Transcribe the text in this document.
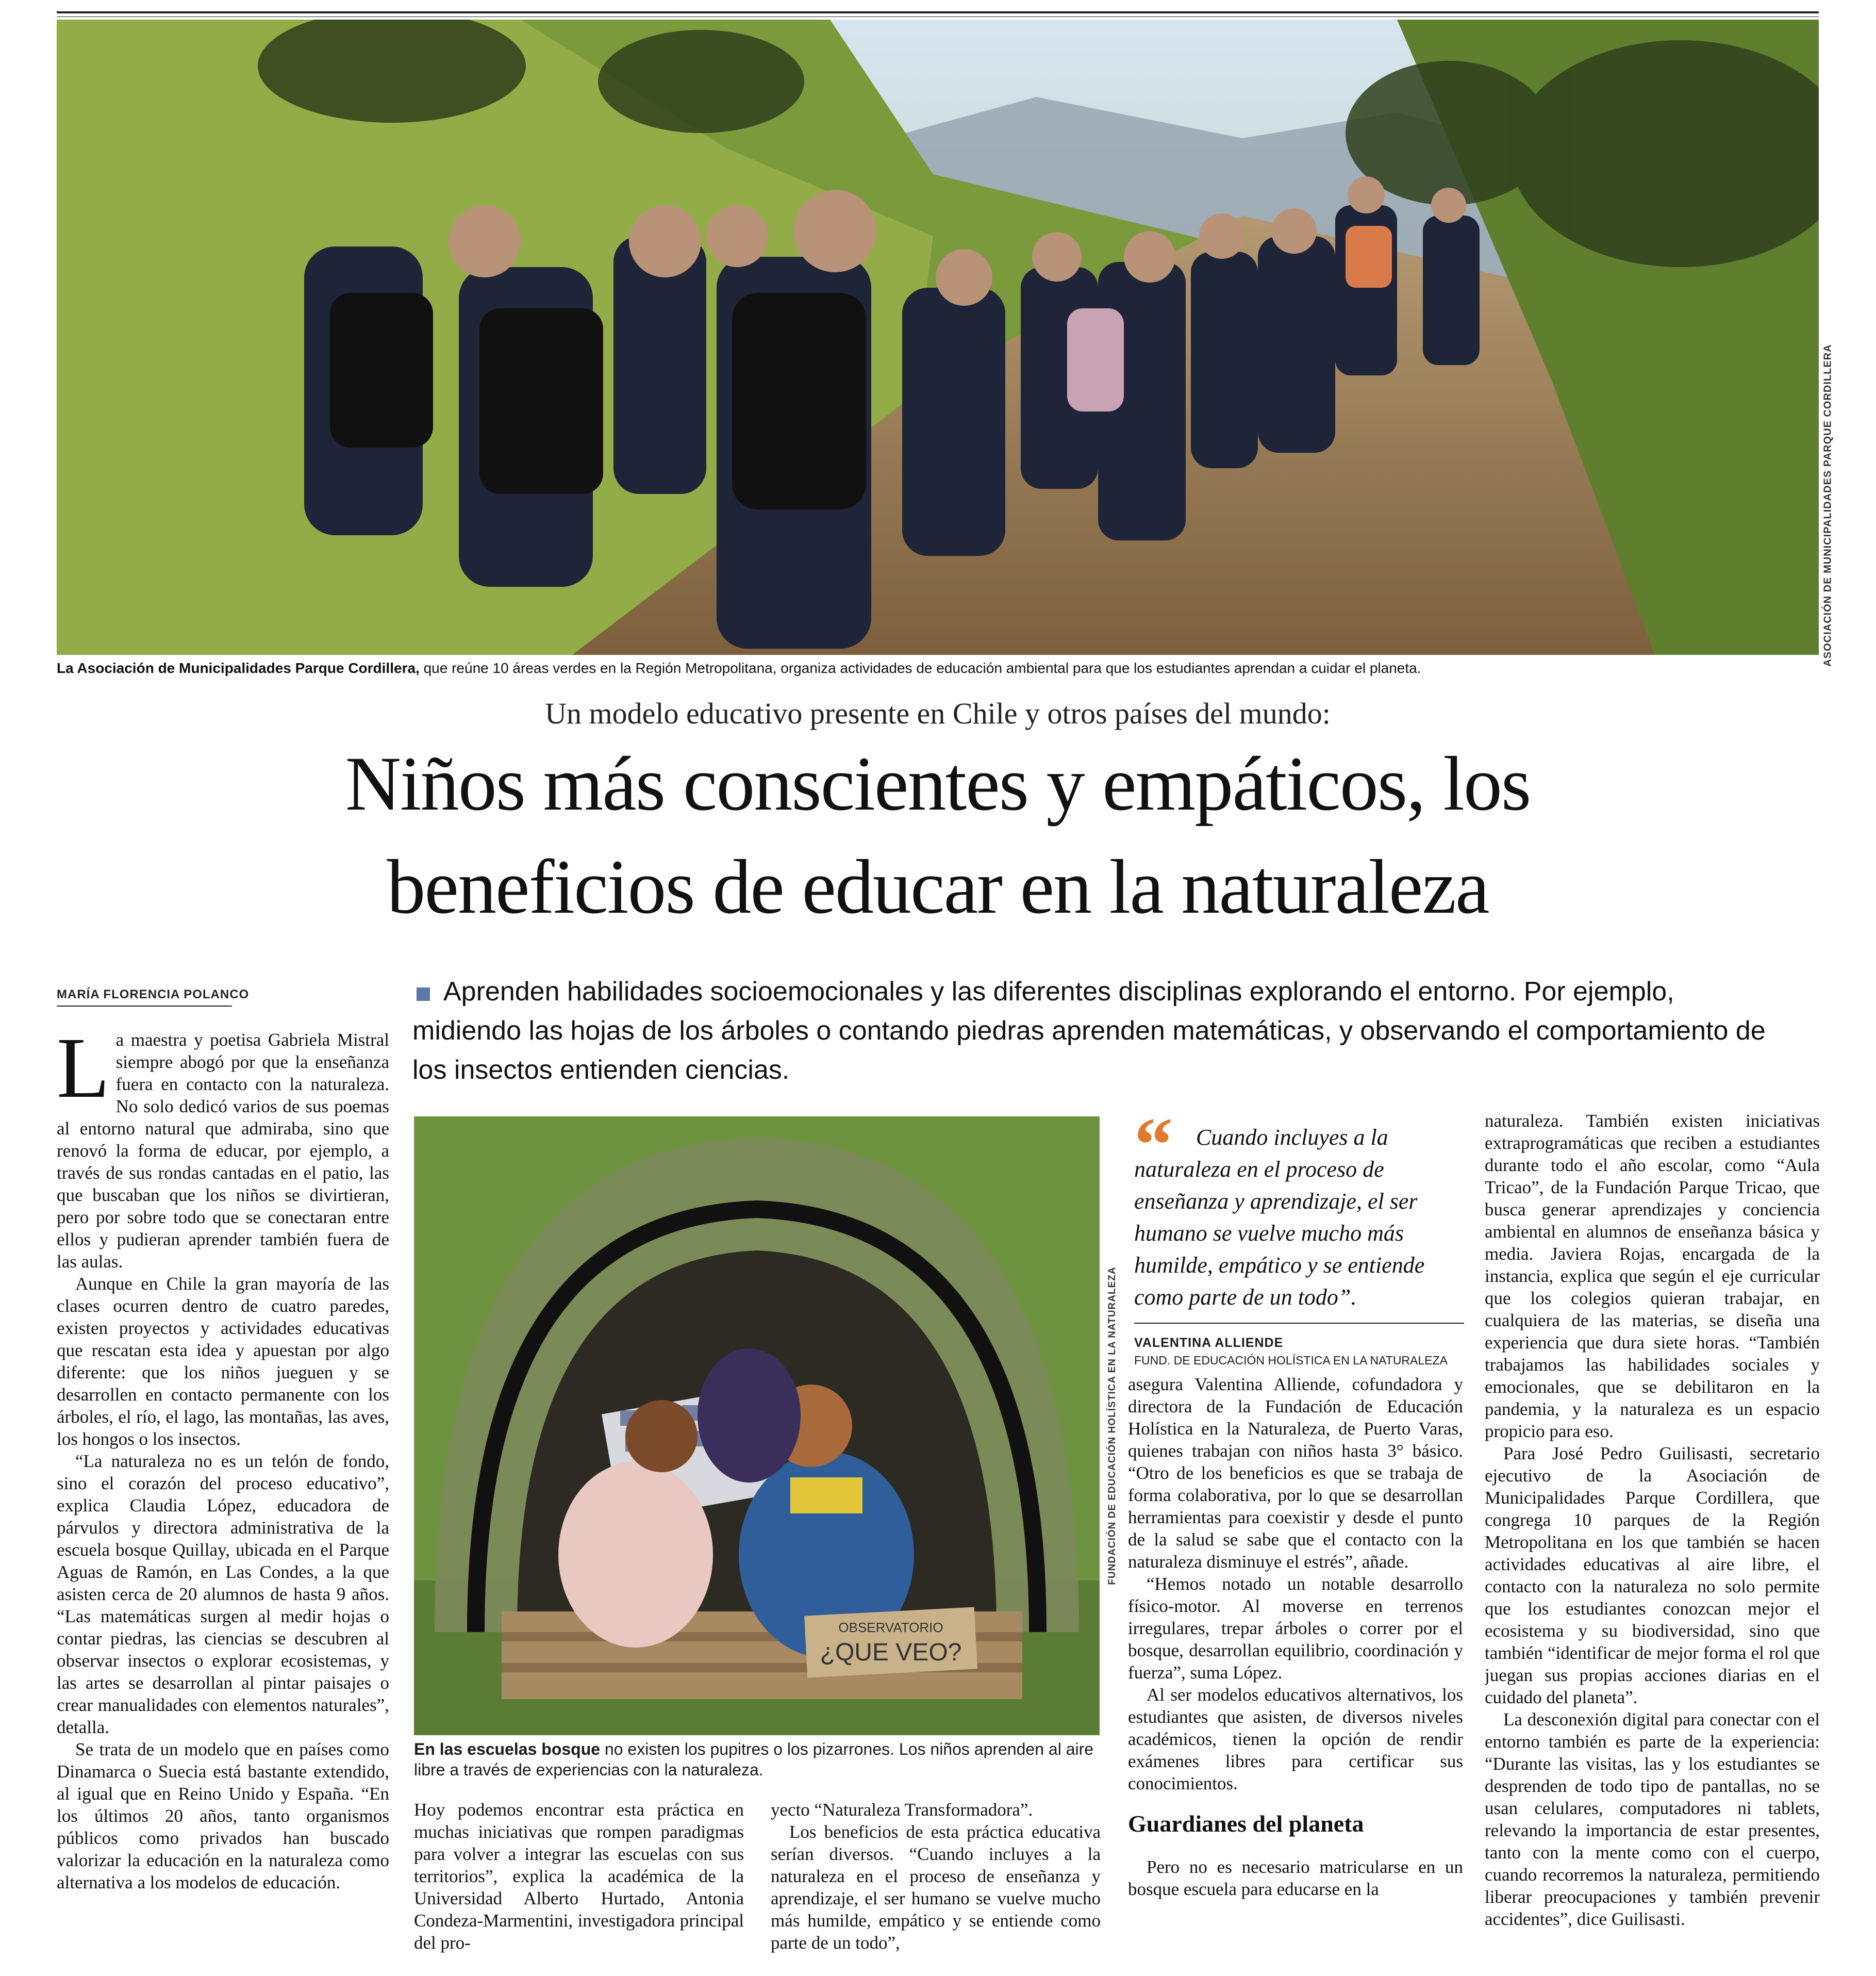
ASOCIACIÓN DE MUNICIPALIDADES PARQUE CORDILLERA
La Asociación de Municipalidades Parque Cordillera, que reúne 10 áreas verdes en la Región Metropolitana, organiza actividades de educación ambiental para que los estudiantes aprendan a cuidar el planeta.
Un modelo educativo presente en Chile y otros países del mundo:
Niños más conscientes y empáticos, los
beneficios de educar en la naturaleza
MARÍA FLORENCIA POLANCO	Aprenden habilidades socioemocionales y las diferentes disciplinas explorando el entorno. Por ejemplo, midiendo las hojas de los árboles o contando piedras aprenden matemáticas, y observando el comportamiento de los insectos entienden ciencias.

La maestra y poetisa Gabriela Mistral siempre abogó por que la enseñanza fuera en contacto con la naturaleza. No solo dedicó varios de sus poemas al entorno natural que admiraba, sino que renovó la forma de educar, por ejemplo, a través de sus rondas cantadas en el patio, las que buscaban que los niños se divirtieran, pero por sobre todo que se conectaran entre ellos y pudieran aprender también fuera de las aulas.

Aunque en Chile la gran mayoría de las clases ocurren dentro de cuatro paredes, existen proyectos y actividades educativas que rescatan esta idea y apuestan por algo diferente: que los niños jueguen y se desarrollen en contacto permanente con los árboles, el río, el lago, las montañas, las aves, los hongos o los insectos.

“La naturaleza no es un telón de fondo, sino el corazón del proceso educativo”, explica Claudia López, educadora de párvulos y directora administrativa de la escuela bosque Quillay, ubicada en el Parque Aguas de Ramón, en Las Condes, a la que asisten cerca de 20 alumnos de hasta 9 años. “Las matemáticas surgen al medir hojas o contar piedras, las ciencias se descubren al observar insectos o explorar ecosistemas, y las artes se desarrollan al pintar paisajes o crear manualidades con elementos naturales”, detalla.

Se trata de un modelo que en países como Dinamarca o Suecia está bastante extendido, al igual que en Reino Unido y España. “En los últimos 20 años, tanto organismos públicos como privados han buscado valorizar la educación en la naturaleza como alternativa a los modelos de educación.

OBSERVATORIO
¿QUE VEO?
FUNDACIÓN DE EDUCACIÓN HOLÍSTICA EN LA NATURALEZA
En las escuelas bosque no existen los pupitres o los pizarrones. Los niños aprenden al aire libre a través de experiencias con la naturaleza.

Hoy podemos encontrar esta práctica en muchas iniciativas que rompen paradigmas para volver a integrar las escuelas con sus territorios”, explica la académica de la Universidad Alberto Hurtado, Antonia Condeza-Marmentini, investigadora principal del pro-

yecto “Naturaleza Transformadora”.

Los beneficios de esta práctica educativa serían diversos. “Cuando incluyes a la naturaleza en el proceso de enseñanza y aprendizaje, el ser humano se vuelve mucho más humilde, empático y se entiende como parte de un todo”,

“	Cuando incluyes a la naturaleza en el proceso de enseñanza y aprendizaje, el ser humano se vuelve mucho más humilde, empático y se entiende como parte de un todo”.
VALENTINA ALLIENDE
FUND. DE EDUCACIÓN HOLÍSTICA EN LA NATURALEZA

asegura Valentina Alliende, cofundadora y directora de la Fundación de Educación Holística en la Naturaleza, de Puerto Varas, quienes trabajan con niños hasta 3° básico. “Otro de los beneficios es que se trabaja de forma colaborativa, por lo que se desarrollan herramientas para coexistir y desde el punto de la salud se sabe que el contacto con la naturaleza disminuye el estrés”, añade.

“Hemos notado un notable desarrollo físico-motor. Al moverse en terrenos irregulares, trepar árboles o correr por el bosque, desarrollan equilibrio, coordinación y fuerza”, suma López.

Al ser modelos educativos alternativos, los estudiantes que asisten, de diversos niveles académicos, tienen la opción de rendir exámenes libres para certificar sus conocimientos.

Guardianes del planeta

Pero no es necesario matricularse en un bosque escuela para educarse en la

naturaleza. También existen iniciativas extraprogramáticas que reciben a estudiantes durante todo el año escolar, como “Aula Tricao”, de la Fundación Parque Tricao, que busca generar aprendizajes y conciencia ambiental en alumnos de enseñanza básica y media. Javiera Rojas, encargada de la instancia, explica que según el eje curricular que los colegios quieran trabajar, en cualquiera de las materias, se diseña una experiencia que dura siete horas. “También trabajamos las habilidades sociales y emocionales, que se debilitaron en la pandemia, y la naturaleza es un espacio propicio para eso.

Para José Pedro Guilisasti, secretario ejecutivo de la Asociación de Municipalidades Parque Cordillera, que congrega 10 parques de la Región Metropolitana en los que también se hacen actividades educativas al aire libre, el contacto con la naturaleza no solo permite que los estudiantes conozcan mejor el ecosistema y su biodiversidad, sino que también “identificar de mejor forma el rol que juegan sus propias acciones diarias en el cuidado del planeta”.

La desconexión digital para conectar con el entorno también es parte de la experiencia: “Durante las visitas, las y los estudiantes se desprenden de todo tipo de pantallas, no se usan celulares, computadores ni tablets, relevando la importancia de estar presentes, tanto con la mente como con el cuerpo, cuando recorremos la naturaleza, permitiendo liberar preocupaciones y también prevenir accidentes”, dice Guilisasti.
